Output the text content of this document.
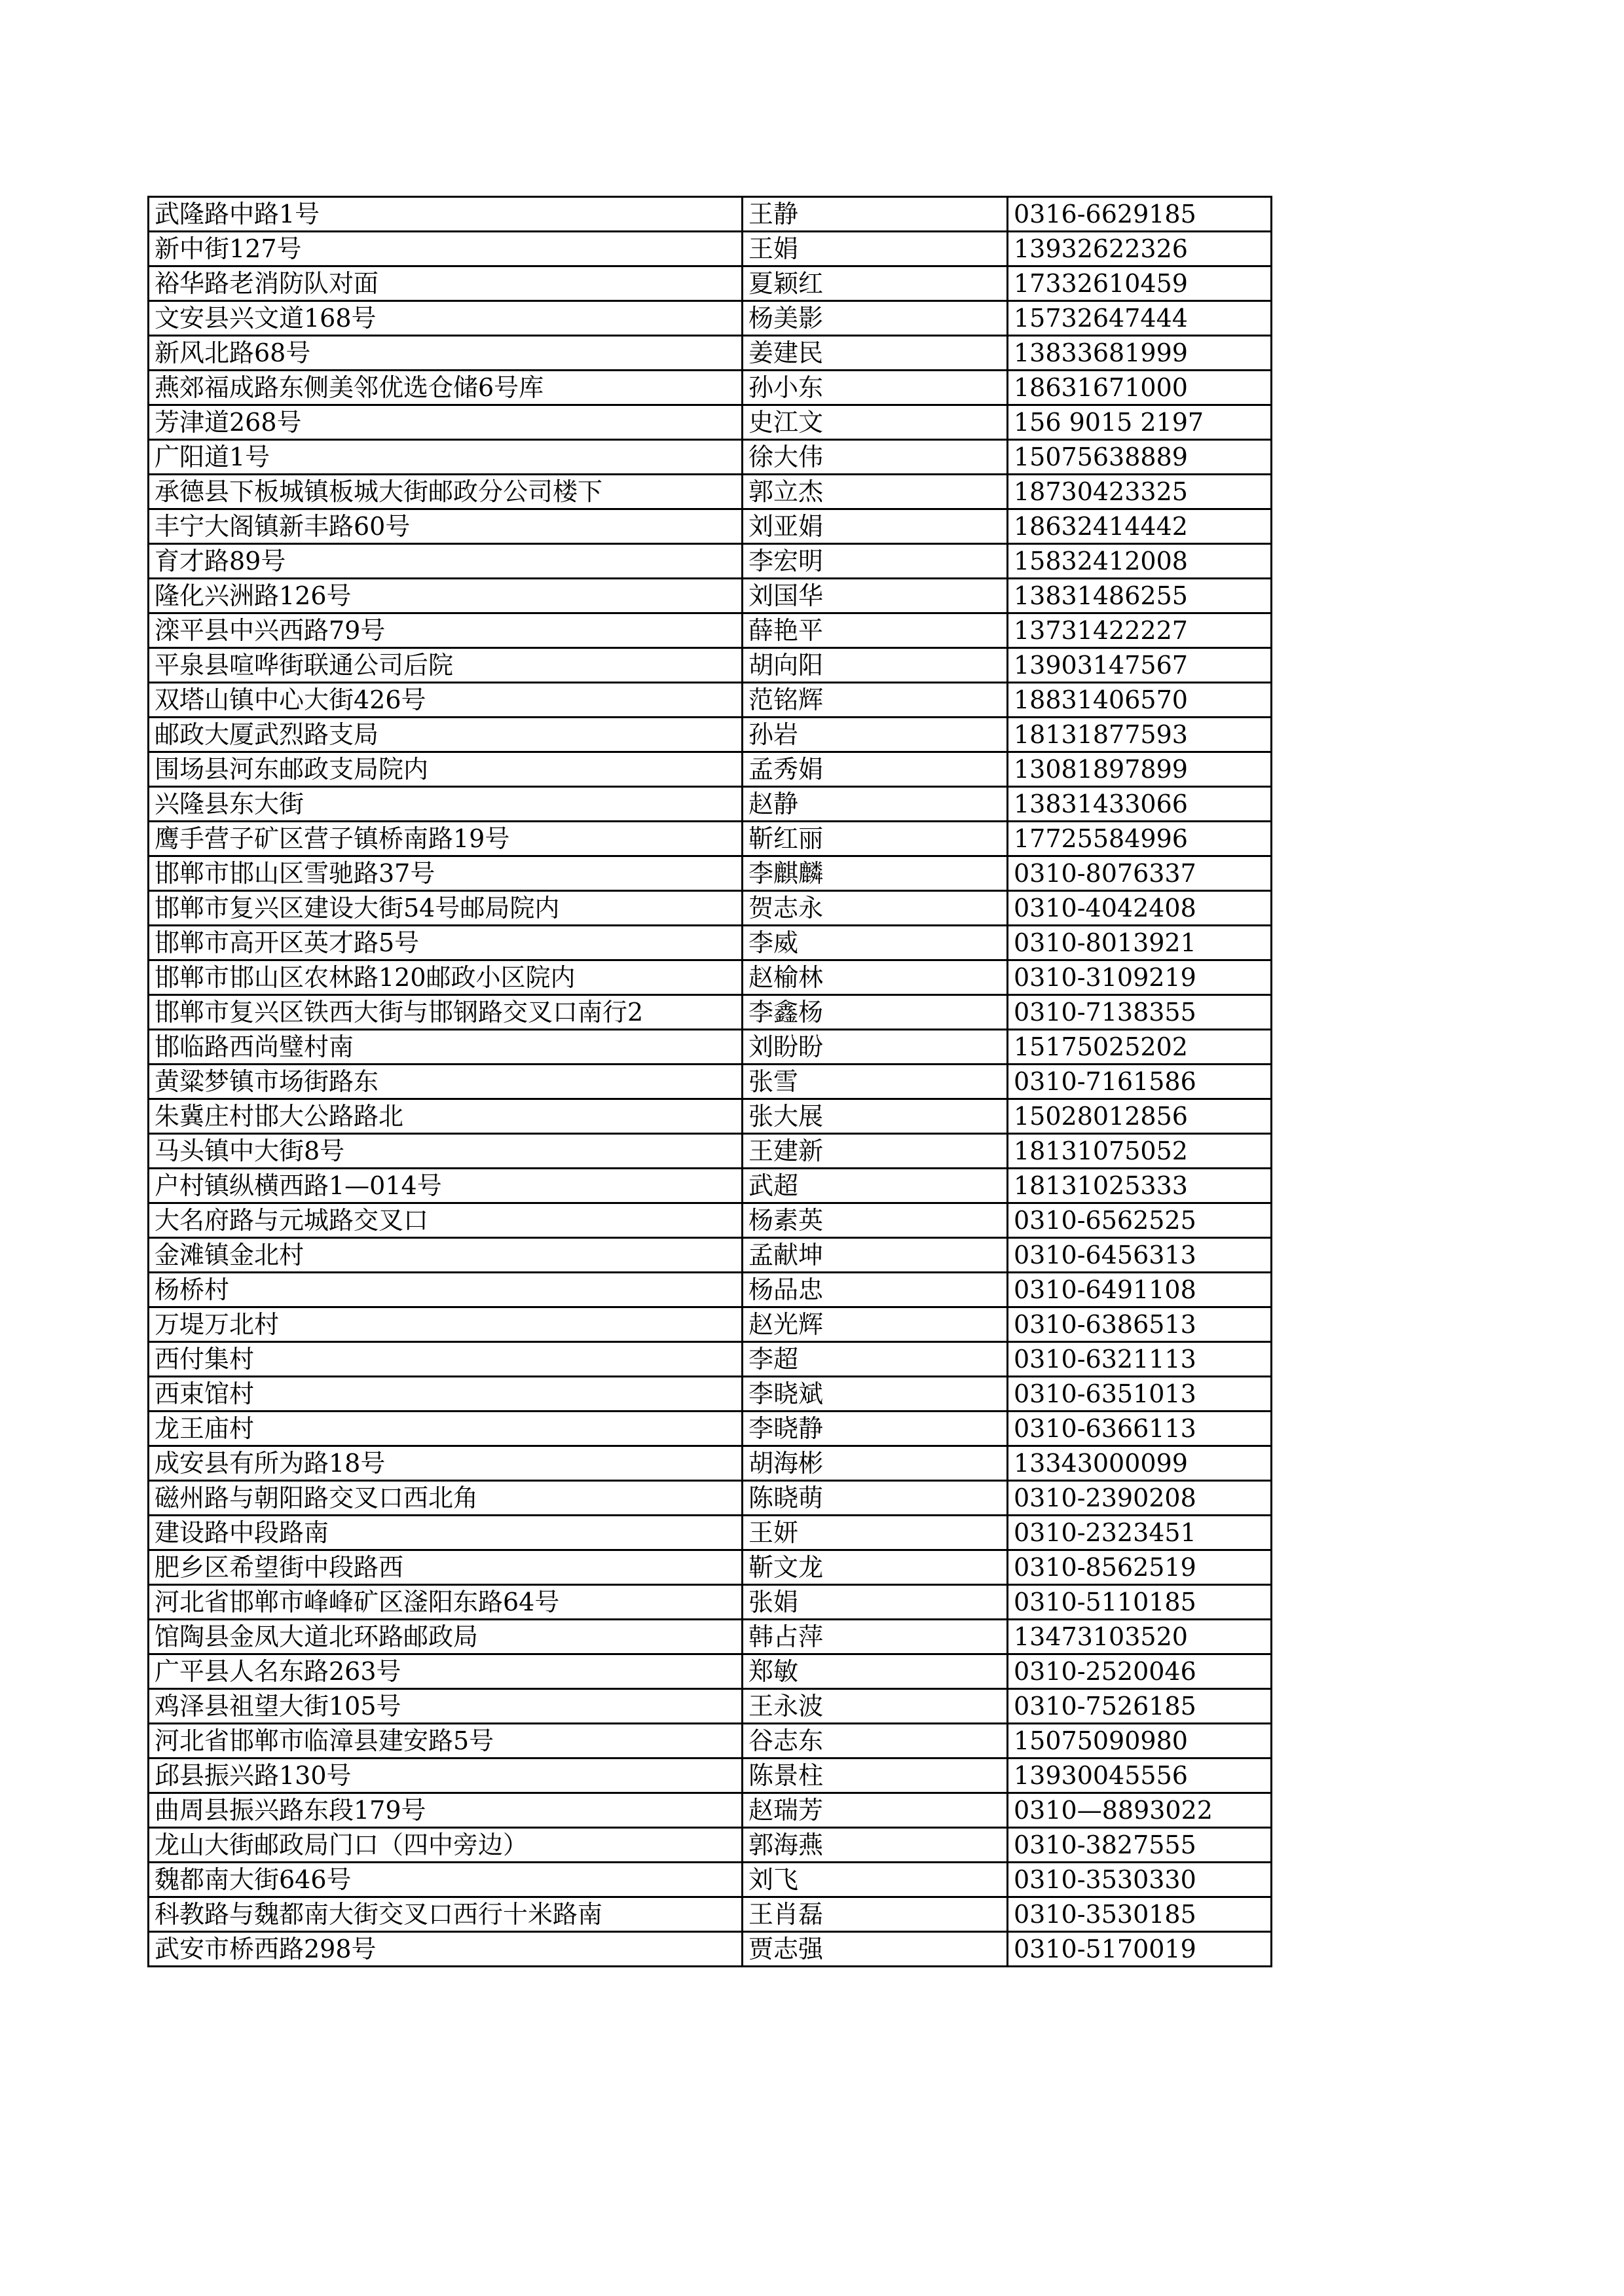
武隆路中路1号	王静	0316-6629185
新中街127号	王娟	13932622326
裕华路老消防队对面	夏颖红	17332610459
文安县兴文道168号	杨美影	15732647444
新风北路68号	姜建民	13833681999
燕郊福成路东侧美邻优选仓储6号库	孙小东	18631671000
芳津道268号	史江文	156 9015 2197
广阳道1号	徐大伟	15075638889
承德县下板城镇板城大街邮政分公司楼下	郭立杰	18730423325
丰宁大阁镇新丰路60号	刘亚娟	18632414442
育才路89号	李宏明	15832412008
隆化兴洲路126号	刘国华	13831486255
滦平县中兴西路79号	薛艳平	13731422227
平泉县喧哗街联通公司后院	胡向阳	13903147567
双塔山镇中心大街426号	范铭辉	18831406570
邮政大厦武烈路支局	孙岩	18131877593
围场县河东邮政支局院内	孟秀娟	13081897899
兴隆县东大街	赵静	13831433066
鹰手营子矿区营子镇桥南路19号	靳红丽	17725584996
邯郸市邯山区雪驰路37号	李麒麟	0310-8076337
邯郸市复兴区建设大街54号邮局院内	贺志永	0310-4042408
邯郸市高开区英才路5号	李威	0310-8013921
邯郸市邯山区农林路120邮政小区院内	赵榆林	0310-3109219
邯郸市复兴区铁西大街与邯钢路交叉口南行2	李鑫杨	0310-7138355
邯临路西尚璧村南	刘盼盼	15175025202
黄粱梦镇市场街路东	张雪	0310-7161586
朱冀庄村邯大公路路北	张大展	15028012856
马头镇中大街8号	王建新	18131075052
户村镇纵横西路1—014号	武超	18131025333
大名府路与元城路交叉口	杨素英	0310-6562525
金滩镇金北村	孟献坤	0310-6456313
杨桥村	杨品忠	0310-6491108
万堤万北村	赵光辉	0310-6386513
西付集村	李超	0310-6321113
西束馆村	李晓斌	0310-6351013
龙王庙村	李晓静	0310-6366113
成安县有所为路18号	胡海彬	13343000099
磁州路与朝阳路交叉口西北角	陈晓萌	0310-2390208
建设路中段路南	王妍	0310-2323451
肥乡区希望街中段路西	靳文龙	0310-8562519
河北省邯郸市峰峰矿区滏阳东路64号	张娟	0310-5110185
馆陶县金凤大道北环路邮政局	韩占萍	13473103520
广平县人名东路263号	郑敏	0310-2520046
鸡泽县祖望大街105号	王永波	0310-7526185
河北省邯郸市临漳县建安路5号	谷志东	15075090980
邱县振兴路130号	陈景柱	13930045556
曲周县振兴路东段179号	赵瑞芳	0310—8893022
龙山大街邮政局门口（四中旁边）	郭海燕	0310-3827555
魏都南大街646号	刘飞	0310-3530330
科教路与魏都南大街交叉口西行十米路南	王肖磊	0310-3530185
武安市桥西路298号	贾志强	0310-5170019
